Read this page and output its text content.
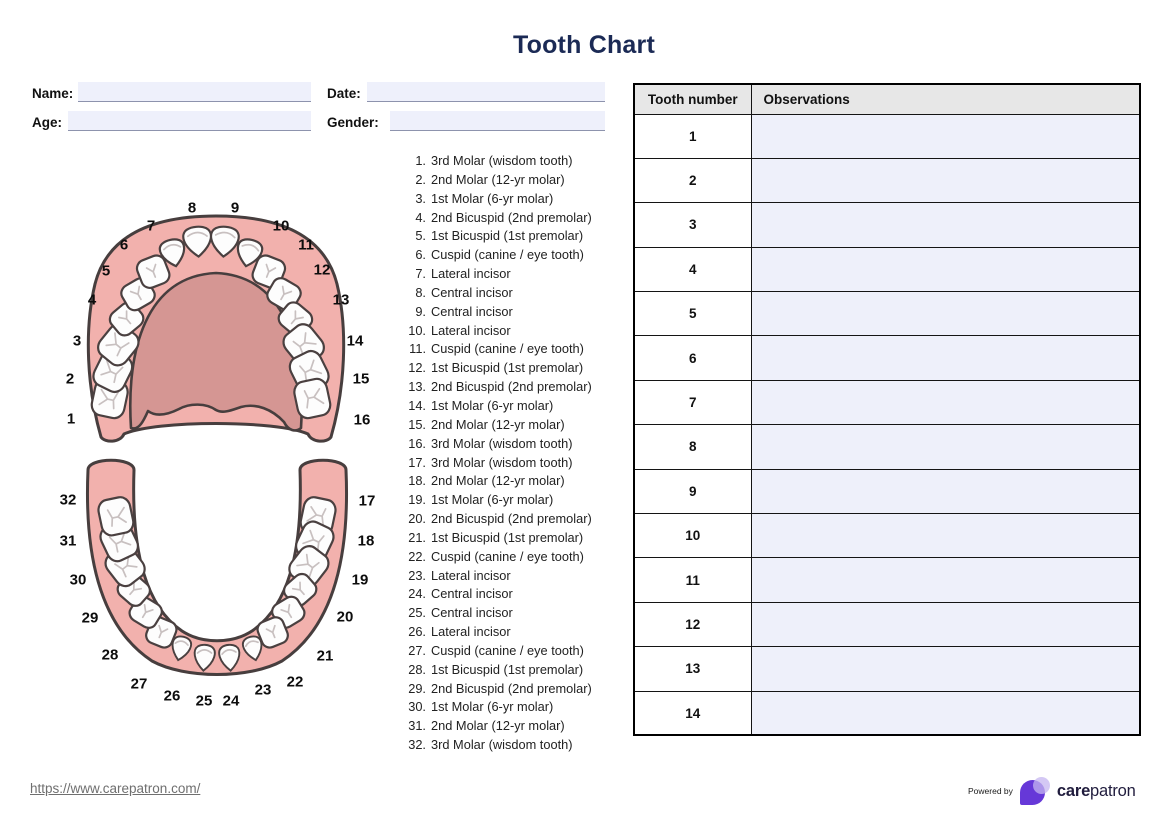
Tooth Chart
Name:	Date:
Age:	Gender:
1
2
3
4
5
6
7
8 9
10
11
12
13
14
15
16
17
18
19
20
21
22
23
24
25
26
27
28
29
30
31
32
1. 3rd Molar (wisdom tooth)
2. 2nd Molar (12-yr molar)
3. 1st Molar (6-yr molar)
4. 2nd Bicuspid (2nd premolar)
5. 1st Bicuspid (1st premolar)
6. Cuspid (canine / eye tooth)
7. Lateral incisor
8. Central incisor
9. Central incisor
10. Lateral incisor
11. Cuspid (canine / eye tooth)
12. 1st Bicuspid (1st premolar)
13. 2nd Bicuspid (2nd premolar)
14. 1st Molar (6-yr molar)
15. 2nd Molar (12-yr molar)
16. 3rd Molar (wisdom tooth)
17. 3rd Molar (wisdom tooth)
18. 2nd Molar (12-yr molar)
19. 1st Molar (6-yr molar)
20. 2nd Bicuspid (2nd premolar)
21. 1st Bicuspid (1st premolar)
22. Cuspid (canine / eye tooth)
23. Lateral incisor
24. Central incisor
25. Central incisor
26. Lateral incisor
27. Cuspid (canine / eye tooth)
28. 1st Bicuspid (1st premolar)
29. 2nd Bicuspid (2nd premolar)
30. 1st Molar (6-yr molar)
31. 2nd Molar (12-yr molar)
32. 3rd Molar (wisdom tooth)
Tooth number	Observations
1	
2	
3	
4	
5	
6	
7	
8	
9	
10	
11	
12	
13	
14	
https://www.carepatron.com/	Powered by	carepatron
